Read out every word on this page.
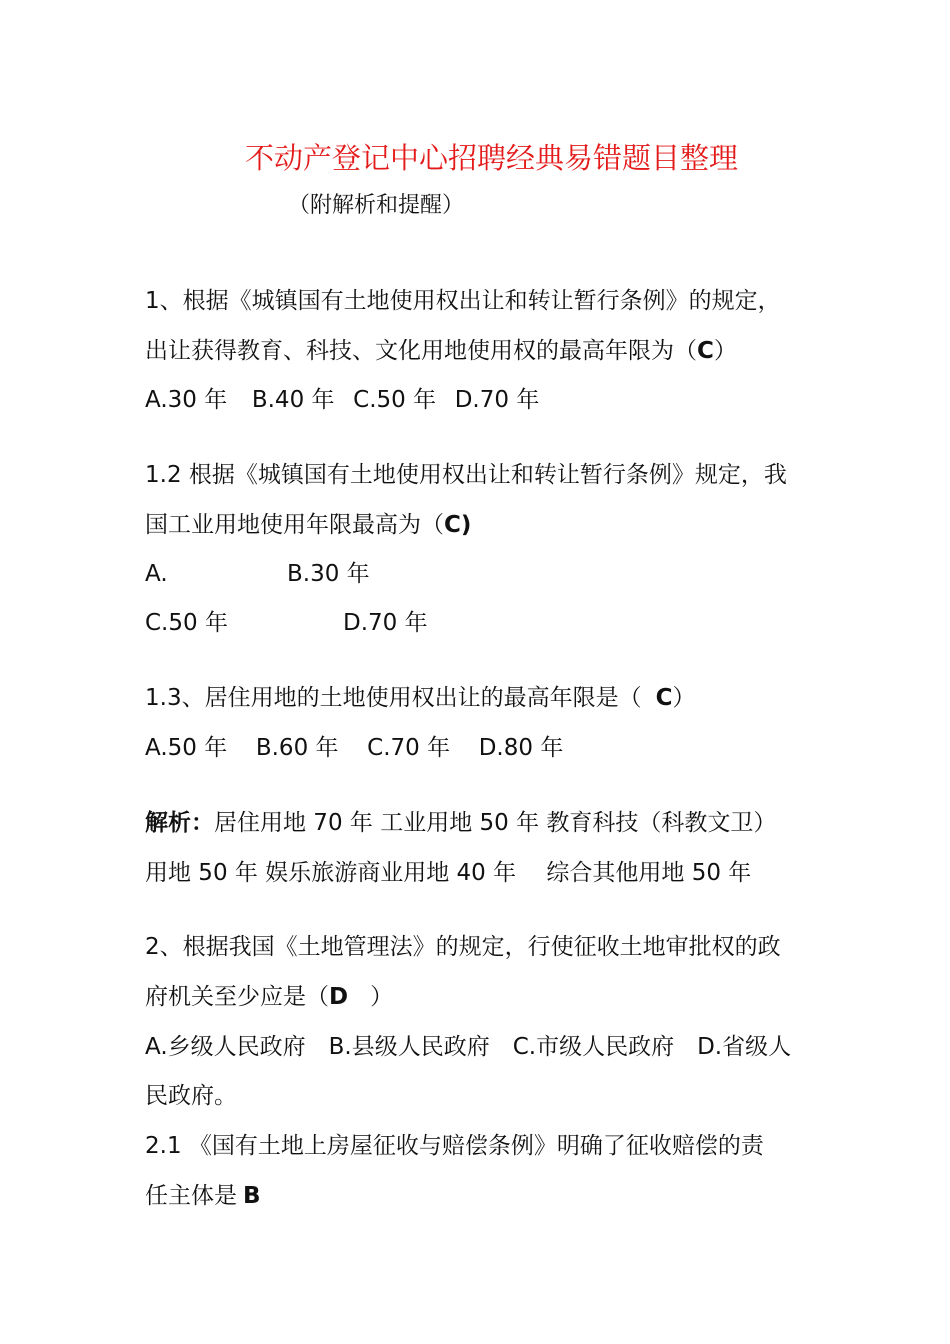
不动产登记中心招聘经典易错题目整理
（附解析和提醒）
1、根据《城镇国有土地使用权出让和转让暂行条例》的规定，
出让获得教育、科技、文化用地使用权的最高年限为（C）
A.30 年 B.40 年 C.50 年 D.70 年
1.2 根据《城镇国有土地使用权出让和转让暂行条例》规定，我
国工业用地使用年限最高为（C)
A.	B.30 年
C.50 年	D.70 年
1.3、居住用地的土地使用权出让的最高年限是（ C）
A.50 年 B.60 年 C.70 年 D.80 年
解析：居住用地 70 年 工业用地 50 年 教育科技（科教文卫）
用地 50 年 娱乐旅游商业用地 40 年　 综合其他用地 50 年
2、根据我国《土地管理法》的规定，行使征收土地审批权的政
府机关至少应是（D ）
A.乡级人民政府　B.县级人民政府　C.市级人民政府　D.省级人
民政府。
2.1 《国有土地上房屋征收与赔偿条例》明确了征收赔偿的责
任主体是 B
